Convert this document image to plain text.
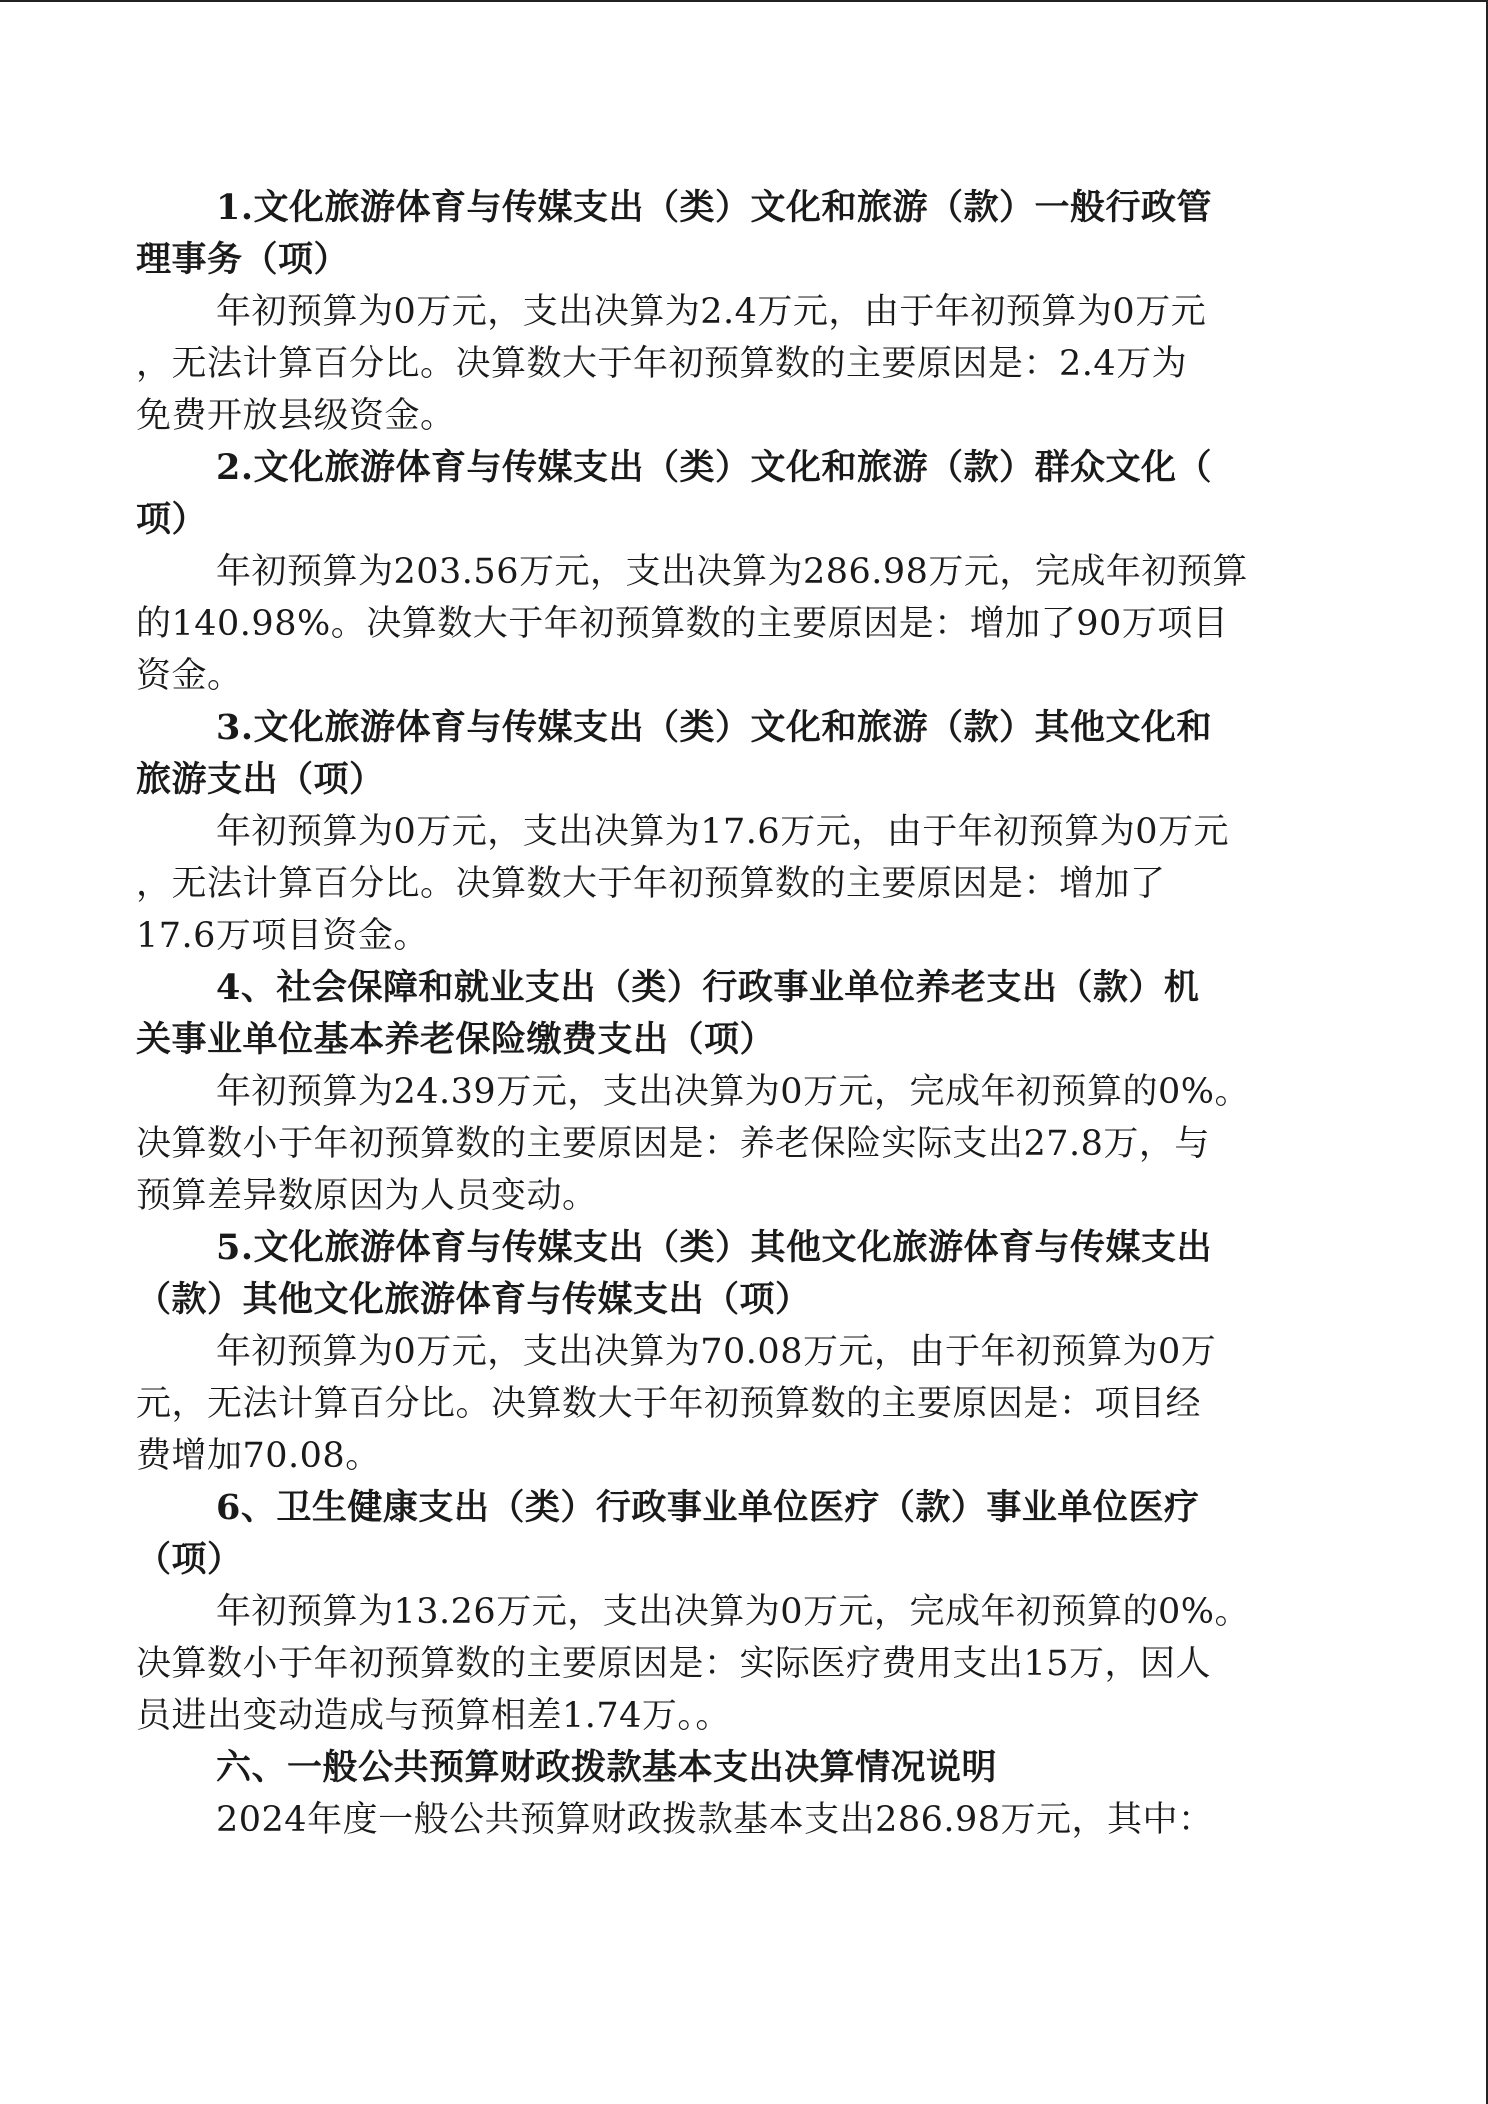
1.文化旅游体育与传媒支出（类）文化和旅游（款）一般行政管
理事务（项）
年初预算为0万元，支出决算为2.4万元，由于年初预算为0万元
，无法计算百分比。决算数大于年初预算数的主要原因是：2.4万为
免费开放县级资金。
2.文化旅游体育与传媒支出（类）文化和旅游（款）群众文化（
项）
年初预算为203.56万元，支出决算为286.98万元，完成年初预算
的140.98%。决算数大于年初预算数的主要原因是：增加了90万项目
资金。
3.文化旅游体育与传媒支出（类）文化和旅游（款）其他文化和
旅游支出（项）
年初预算为0万元，支出决算为17.6万元，由于年初预算为0万元
，无法计算百分比。决算数大于年初预算数的主要原因是：增加了
17.6万项目资金。
4、社会保障和就业支出（类）行政事业单位养老支出（款）机
关事业单位基本养老保险缴费支出（项）
年初预算为24.39万元，支出决算为0万元，完成年初预算的0%。
决算数小于年初预算数的主要原因是：养老保险实际支出27.8万，与
预算差异数原因为人员变动。
5.文化旅游体育与传媒支出（类）其他文化旅游体育与传媒支出
（款）其他文化旅游体育与传媒支出（项）
年初预算为0万元，支出决算为70.08万元，由于年初预算为0万
元，无法计算百分比。决算数大于年初预算数的主要原因是：项目经
费增加70.08。
6、卫生健康支出（类）行政事业单位医疗（款）事业单位医疗
（项）
年初预算为13.26万元，支出决算为0万元，完成年初预算的0%。
决算数小于年初预算数的主要原因是：实际医疗费用支出15万，因人
员进出变动造成与预算相差1.74万。。
六、一般公共预算财政拨款基本支出决算情况说明
2024年度一般公共预算财政拨款基本支出286.98万元，其中：
